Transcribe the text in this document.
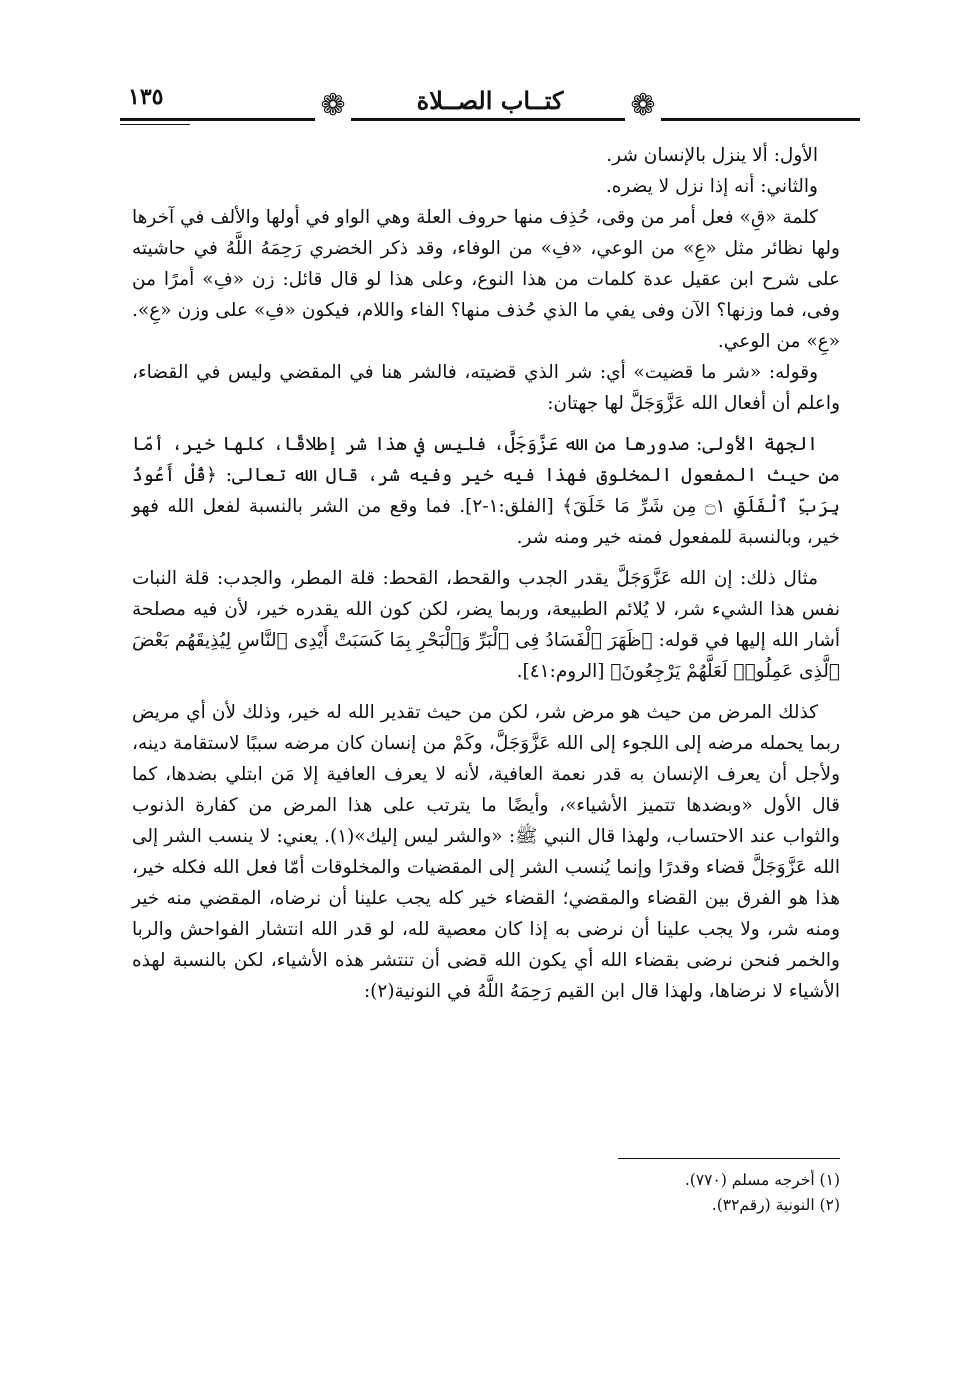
١٣٥	❁
كتــاب الصــلاة
❁

الأول: ألا ينزل بالإنسان شر.

والثاني: أنه إذا نزل لا يضره.

كلمة «قِ» فعل أمر من وقى، حُذِف منها حروف العلة وهي الواو في أولها والألف في آخرها ولها نظائر مثل «عِ» من الوعي، «فِ» من الوفاء، وقد ذكر الخضري رَحِمَهُ اللَّهُ في حاشيته على شرح ابن عقيل عدة كلمات من هذا النوع، وعلى هذا لو قال قائل: زن «فِ» أمرًا من وفى، فما وزنها؟ الآن وفى يفي ما الذي حُذف منها؟ الفاء واللام، فيكون «فِ» على وزن «عِ». «عِ» من الوعي.

وقوله: «شر ما قضيت» أي: شر الذي قضيته، فالشر هنا في المقضي وليس في القضاء، واعلم أن أفعال الله عَزَّوَجَلَّ لها جهتان:

الجهة الأولى: صدورها من الله عَزَّوَجَلَّ، فليس في هذا شر إطلاقًا، كلها خير، أمّا من حيث المفعول المخلوق فهذا فيه خير وفيه شر، قال الله تعالى: ﴿قُلْ أَعُوذُ بِرَبِّ ٱلْفَلَقِ ۝١ مِن شَرِّ مَا خَلَقَ﴾ [الفلق:١-٢]. فما وقع من الشر بالنسبة لفعل الله فهو خير، وبالنسبة للمفعول فمنه خير ومنه شر.

مثال ذلك: إن الله عَزَّوَجَلَّ يقدر الجدب والقحط، القحط: قلة المطر، والجدب: قلة النبات نفس هذا الشيء شر، لا يُلائم الطبيعة، وربما يضر، لكن كون الله يقدره خير، لأن فيه مصلحة أشار الله إليها في قوله: ﴿ظَهَرَ ٱلْفَسَادُ فِى ٱلْبَرِّ وَٱلْبَحْرِ بِمَا كَسَبَتْ أَيْدِى ٱلنَّاسِ لِيُذِيقَهُم بَعْضَ ٱلَّذِى عَمِلُوا۟ لَعَلَّهُمْ يَرْجِعُونَ﴾ [الروم:٤١].

كذلك المرض من حيث هو مرض شر، لكن من حيث تقدير الله له خير، وذلك لأن أي مريض ربما يحمله مرضه إلى اللجوء إلى الله عَزَّوَجَلَّ، وكَمْ من إنسان كان مرضه سببًا لاستقامة دينه، ولأجل أن يعرف الإنسان به قدر نعمة العافية، لأنه لا يعرف العافية إلا مَن ابتلي بضدها، كما قال الأول «وبضدها تتميز الأشياء»، وأيضًا ما يترتب على هذا المرض من كفارة الذنوب والثواب عند الاحتساب، ولهذا قال النبي ﷺ: «والشر ليس إليك»(١). يعني: لا ينسب الشر إلى الله عَزَّوَجَلَّ قضاء وقدرًا وإنما يُنسب الشر إلى المقضيات والمخلوقات أمّا فعل الله فكله خير، هذا هو الفرق بين القضاء والمقضي؛ القضاء خير كله يجب علينا أن نرضاه، المقضي منه خير ومنه شر، ولا يجب علينا أن نرضى به إذا كان معصية لله، لو قدر الله انتشار الفواحش والربا والخمر فنحن نرضى بقضاء الله أي يكون الله قضى أن تنتشر هذه الأشياء، لكن بالنسبة لهذه الأشياء لا نرضاها، ولهذا قال ابن القيم رَحِمَهُ اللَّهُ في النونية(٢):

(١) أخرجه مسلم (٧٧٠).
(٢) النونية (رقم٣٢).
